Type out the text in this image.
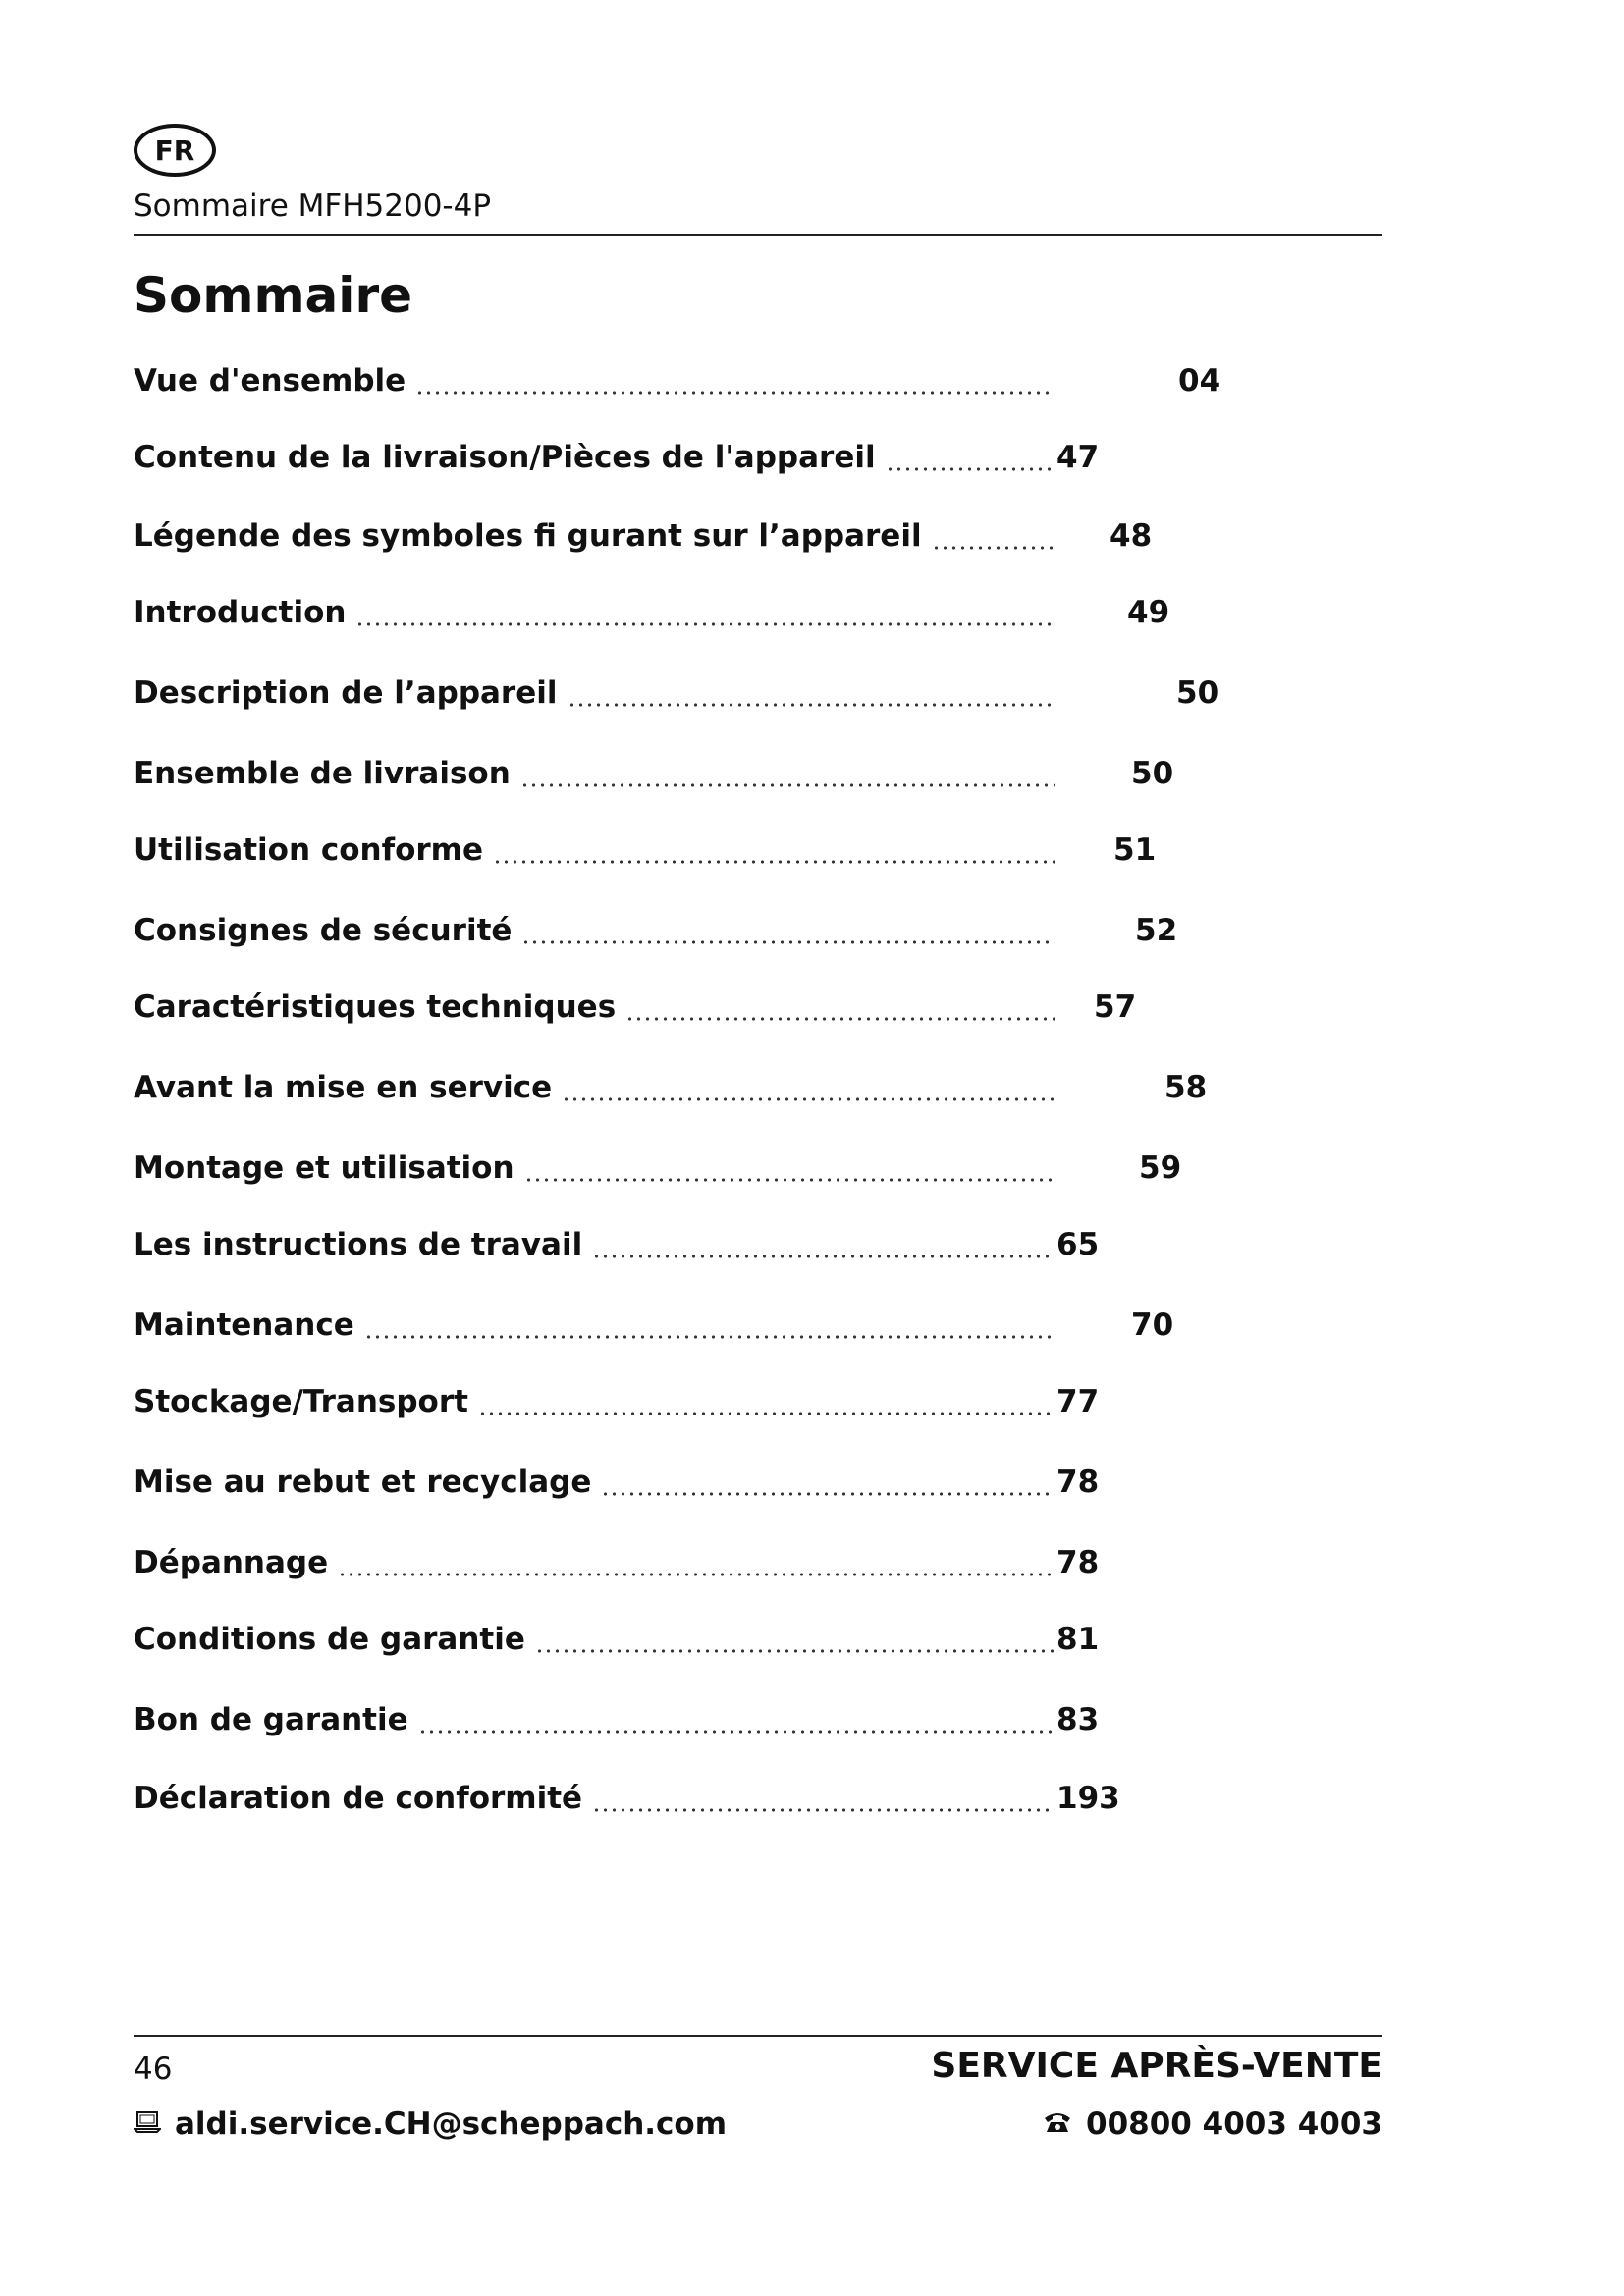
FR
Sommaire MFH5200-4P
Sommaire
Vue d'ensemble	04
Contenu de la livraison/Pièces de l'appareil	47
Légende des symboles fi gurant sur l’appareil	48
Introduction	49
Description de l’appareil	50
Ensemble de livraison	50
Utilisation conforme	51
Consignes de sécurité	52
Caractéristiques techniques	57
Avant la mise en service	58
Montage et utilisation	59
Les instructions de travail	65
Maintenance	70
Stockage/Transport	77
Mise au rebut et recyclage	78
Dépannage	78
Conditions de garantie	81
Bon de garantie	83
Déclaration de conformité	193
46	SERVICE APRÈS-VENTE
aldi.service.CH@scheppach.com	00800 4003 4003
